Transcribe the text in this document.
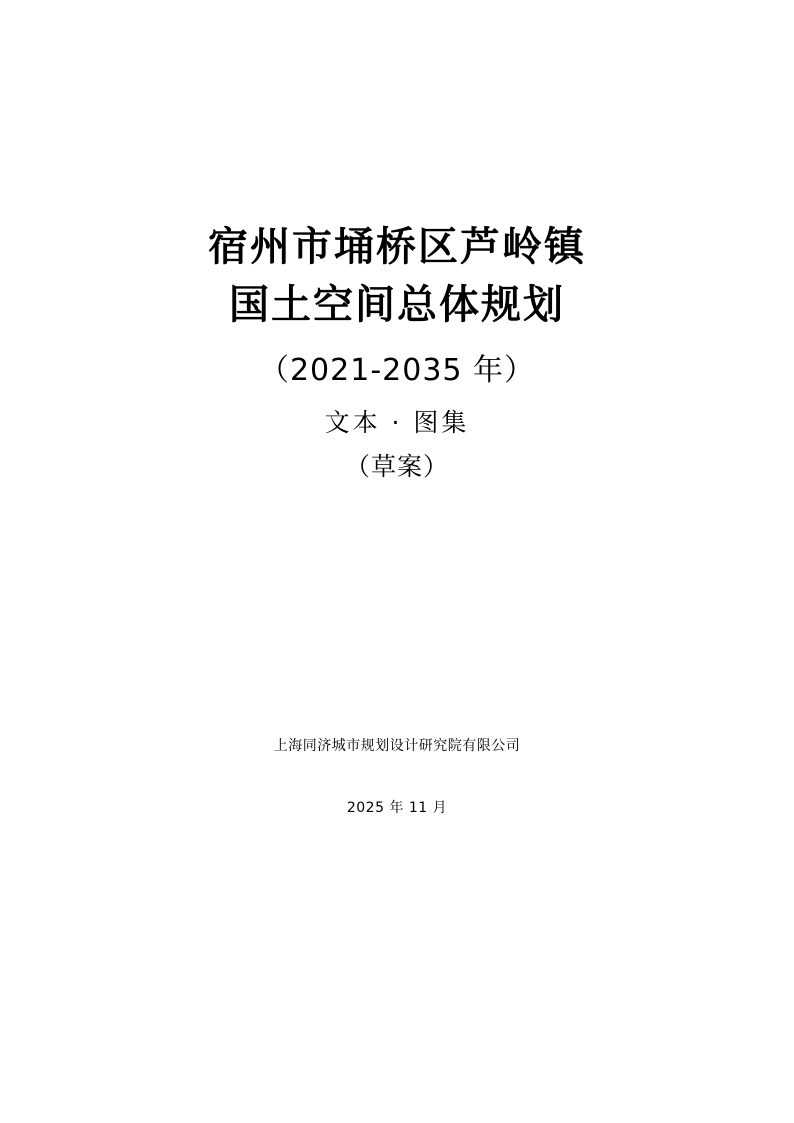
宿州市埇桥区芦岭镇
国土空间总体规划
（2021-2035 年）
文本 · 图集
（草案）
上海同济城市规划设计研究院有限公司
2025 年 11 月
